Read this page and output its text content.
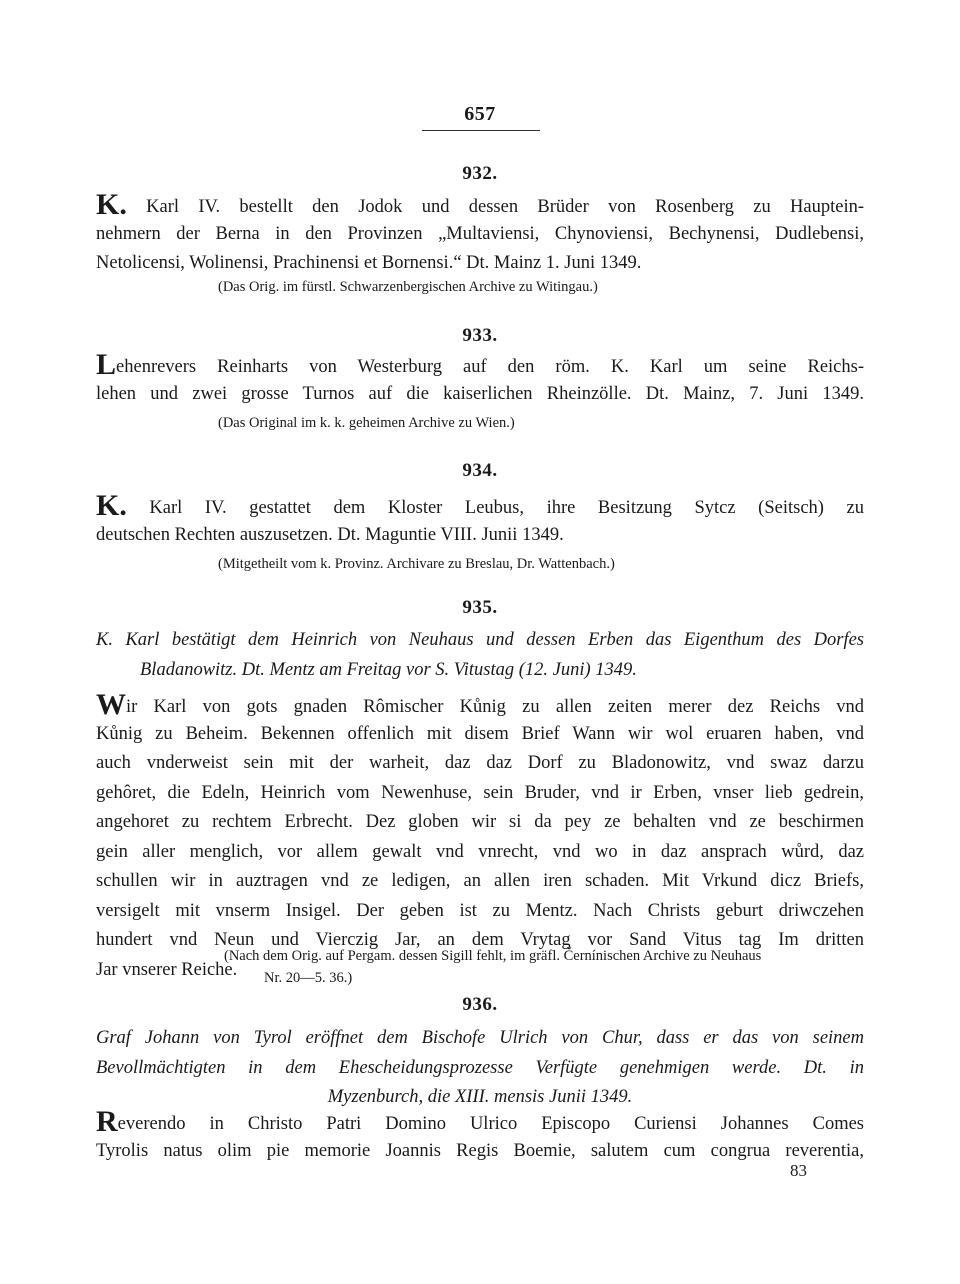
657
932.
K. Karl IV. bestellt den Jodok und dessen Brüder von Rosenberg zu Hauptein-
nehmern der Berna in den Provinzen „Multaviensi, Chynoviensi, Bechynensi, Dudlebensi,
Netolicensi, Wolinensi, Prachinensi et Bornensi.“ Dt. Mainz 1. Juni 1349.
(Das Orig. im fürstl. Schwarzenbergischen Archive zu Witingau.)
933.
Lehenrevers Reinharts von Westerburg auf den röm. K. Karl um seine Reichs-
lehen und zwei grosse Turnos auf die kaiserlichen Rheinzölle. Dt. Mainz, 7. Juni 1349.
(Das Original im k. k. geheimen Archive zu Wien.)
934.
K. Karl IV. gestattet dem Kloster Leubus, ihre Besitzung Sytcz (Seitsch) zu
deutschen Rechten auszusetzen. Dt. Maguntie VIII. Junii 1349.
(Mitgetheilt vom k. Provinz. Archivare zu Breslau, Dr. Wattenbach.)
935.
K. Karl bestätigt dem Heinrich von Neuhaus und dessen Erben das Eigenthum des Dorfes
Bladanowitz. Dt. Mentz am Freitag vor S. Vitustag (12. Juni) 1349.
Wir Karl von gots gnaden Rômischer Kůnig zu allen zeiten merer dez Reichs vnd
Kůnig zu Beheim. Bekennen offenlich mit disem Brief Wann wir wol eruaren haben, vnd
auch vnderweist sein mit der warheit, daz daz Dorf zu Bladonowitz, vnd swaz darzu
gehôret, die Edeln, Heinrich vom Newenhuse, sein Bruder, vnd ir Erben, vnser lieb gedrein,
angehoret zu rechtem Erbrecht. Dez globen wir si da pey ze behalten vnd ze beschirmen
gein aller menglich, vor allem gewalt vnd vnrecht, vnd wo in daz ansprach wůrd, daz
schullen wir in auztragen vnd ze ledigen, an allen iren schaden. Mit Vrkund dicz Briefs,
versigelt mit vnserm Insigel. Der geben ist zu Mentz. Nach Christs geburt driwczehen
hundert vnd Neun und Vierczig Jar, an dem Vrytag vor Sand Vitus tag Im dritten
Jar vnserer Reiche.
(Nach dem Orig. auf Pergam. dessen Sigill fehlt, im gräfl. Černínischen Archive zu Neuhaus
Nr. 20—5. 36.)
936.
Graf Johann von Tyrol eröffnet dem Bischofe Ulrich von Chur, dass er das von seinem
Bevollmächtigten in dem Ehescheidungsprozesse Verfügte genehmigen werde. Dt. in
Myzenburch, die XIII. mensis Junii 1349.
Reverendo in Christo Patri Domino Ulrico Episcopo Curiensi Johannes Comes
Tyrolis natus olim pie memorie Joannis Regis Boemie, salutem cum congrua reverentia,
83
